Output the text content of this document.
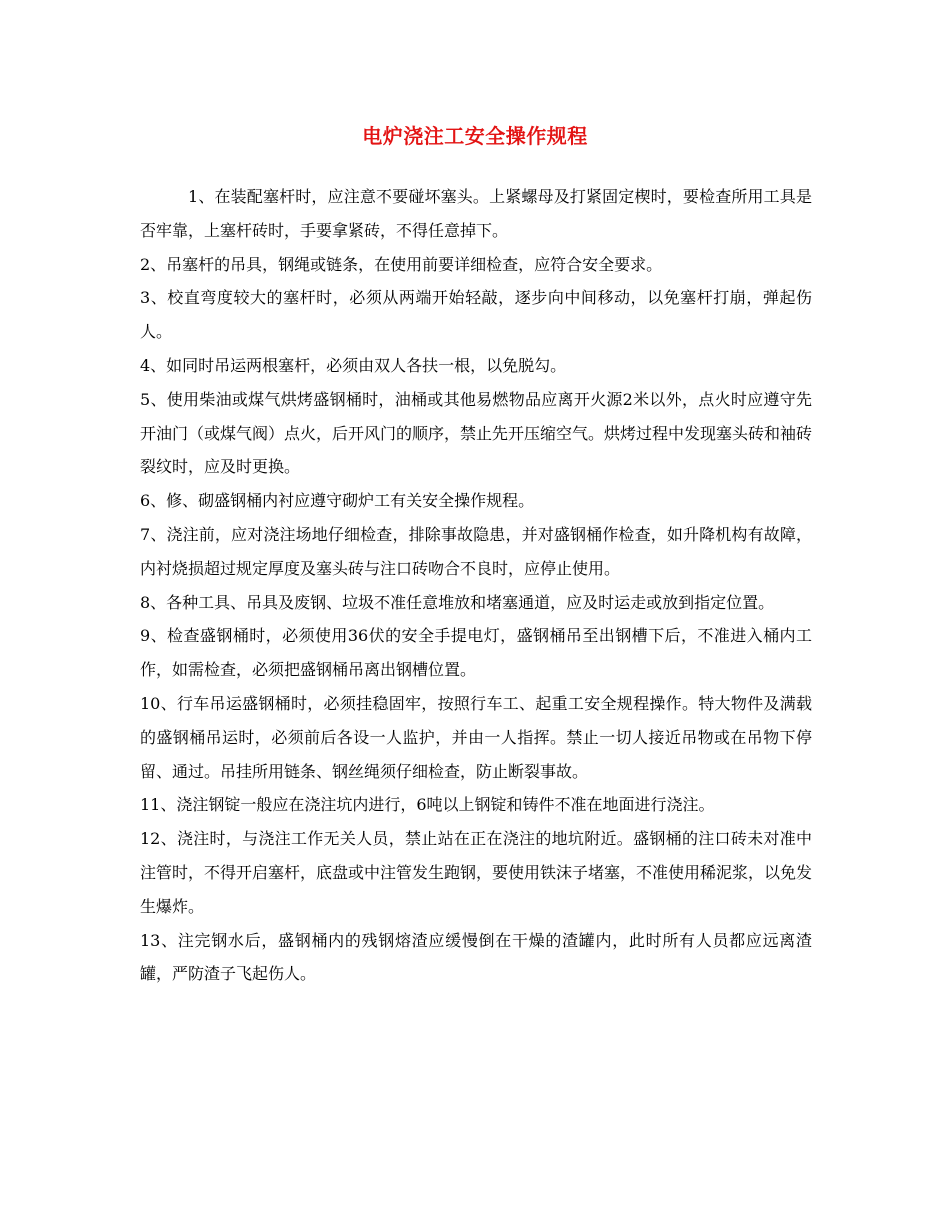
电炉浇注工安全操作规程

1、在装配塞杆时，应注意不要碰坏塞头。上紧螺母及打紧固定楔时，要检查所用工具是否牢靠，上塞杆砖时，手要拿紧砖，不得任意掉下。

2、吊塞杆的吊具，钢绳或链条，在使用前要详细检查，应符合安全要求。

3、校直弯度较大的塞杆时，必须从两端开始轻敲，逐步向中间移动，以免塞杆打崩，弹起伤人。

4、如同时吊运两根塞杆，必须由双人各扶一根，以免脱勾。

5、使用柴油或煤气烘烤盛钢桶时，油桶或其他易燃物品应离开火源2米以外，点火时应遵守先开油门（或煤气阀）点火，后开风门的顺序，禁止先开压缩空气。烘烤过程中发现塞头砖和袖砖裂纹时，应及时更换。

6、修、砌盛钢桶内衬应遵守砌炉工有关安全操作规程。

7、浇注前，应对浇注场地仔细检查，排除事故隐患，并对盛钢桶作检查，如升降机构有故障，内衬烧损超过规定厚度及塞头砖与注口砖吻合不良时，应停止使用。

8、各种工具、吊具及废钢、垃圾不准任意堆放和堵塞通道，应及时运走或放到指定位置。

9、检查盛钢桶时，必须使用36伏的安全手提电灯，盛钢桶吊至出钢槽下后，不准进入桶内工作，如需检查，必须把盛钢桶吊离出钢槽位置。

10、行车吊运盛钢桶时，必须挂稳固牢，按照行车工、起重工安全规程操作。特大物件及满载的盛钢桶吊运时，必须前后各设一人监护，并由一人指挥。禁止一切人接近吊物或在吊物下停留、通过。吊挂所用链条、钢丝绳须仔细检查，防止断裂事故。

11、浇注钢锭一般应在浇注坑内进行，6吨以上钢锭和铸件不准在地面进行浇注。

12、浇注时，与浇注工作无关人员，禁止站在正在浇注的地坑附近。盛钢桶的注口砖未对准中注管时，不得开启塞杆，底盘或中注管发生跑钢，要使用铁沫子堵塞，不准使用稀泥浆，以免发生爆炸。

13、注完钢水后，盛钢桶内的残钢熔渣应缓慢倒在干燥的渣罐内，此时所有人员都应远离渣罐，严防渣子飞起伤人。
